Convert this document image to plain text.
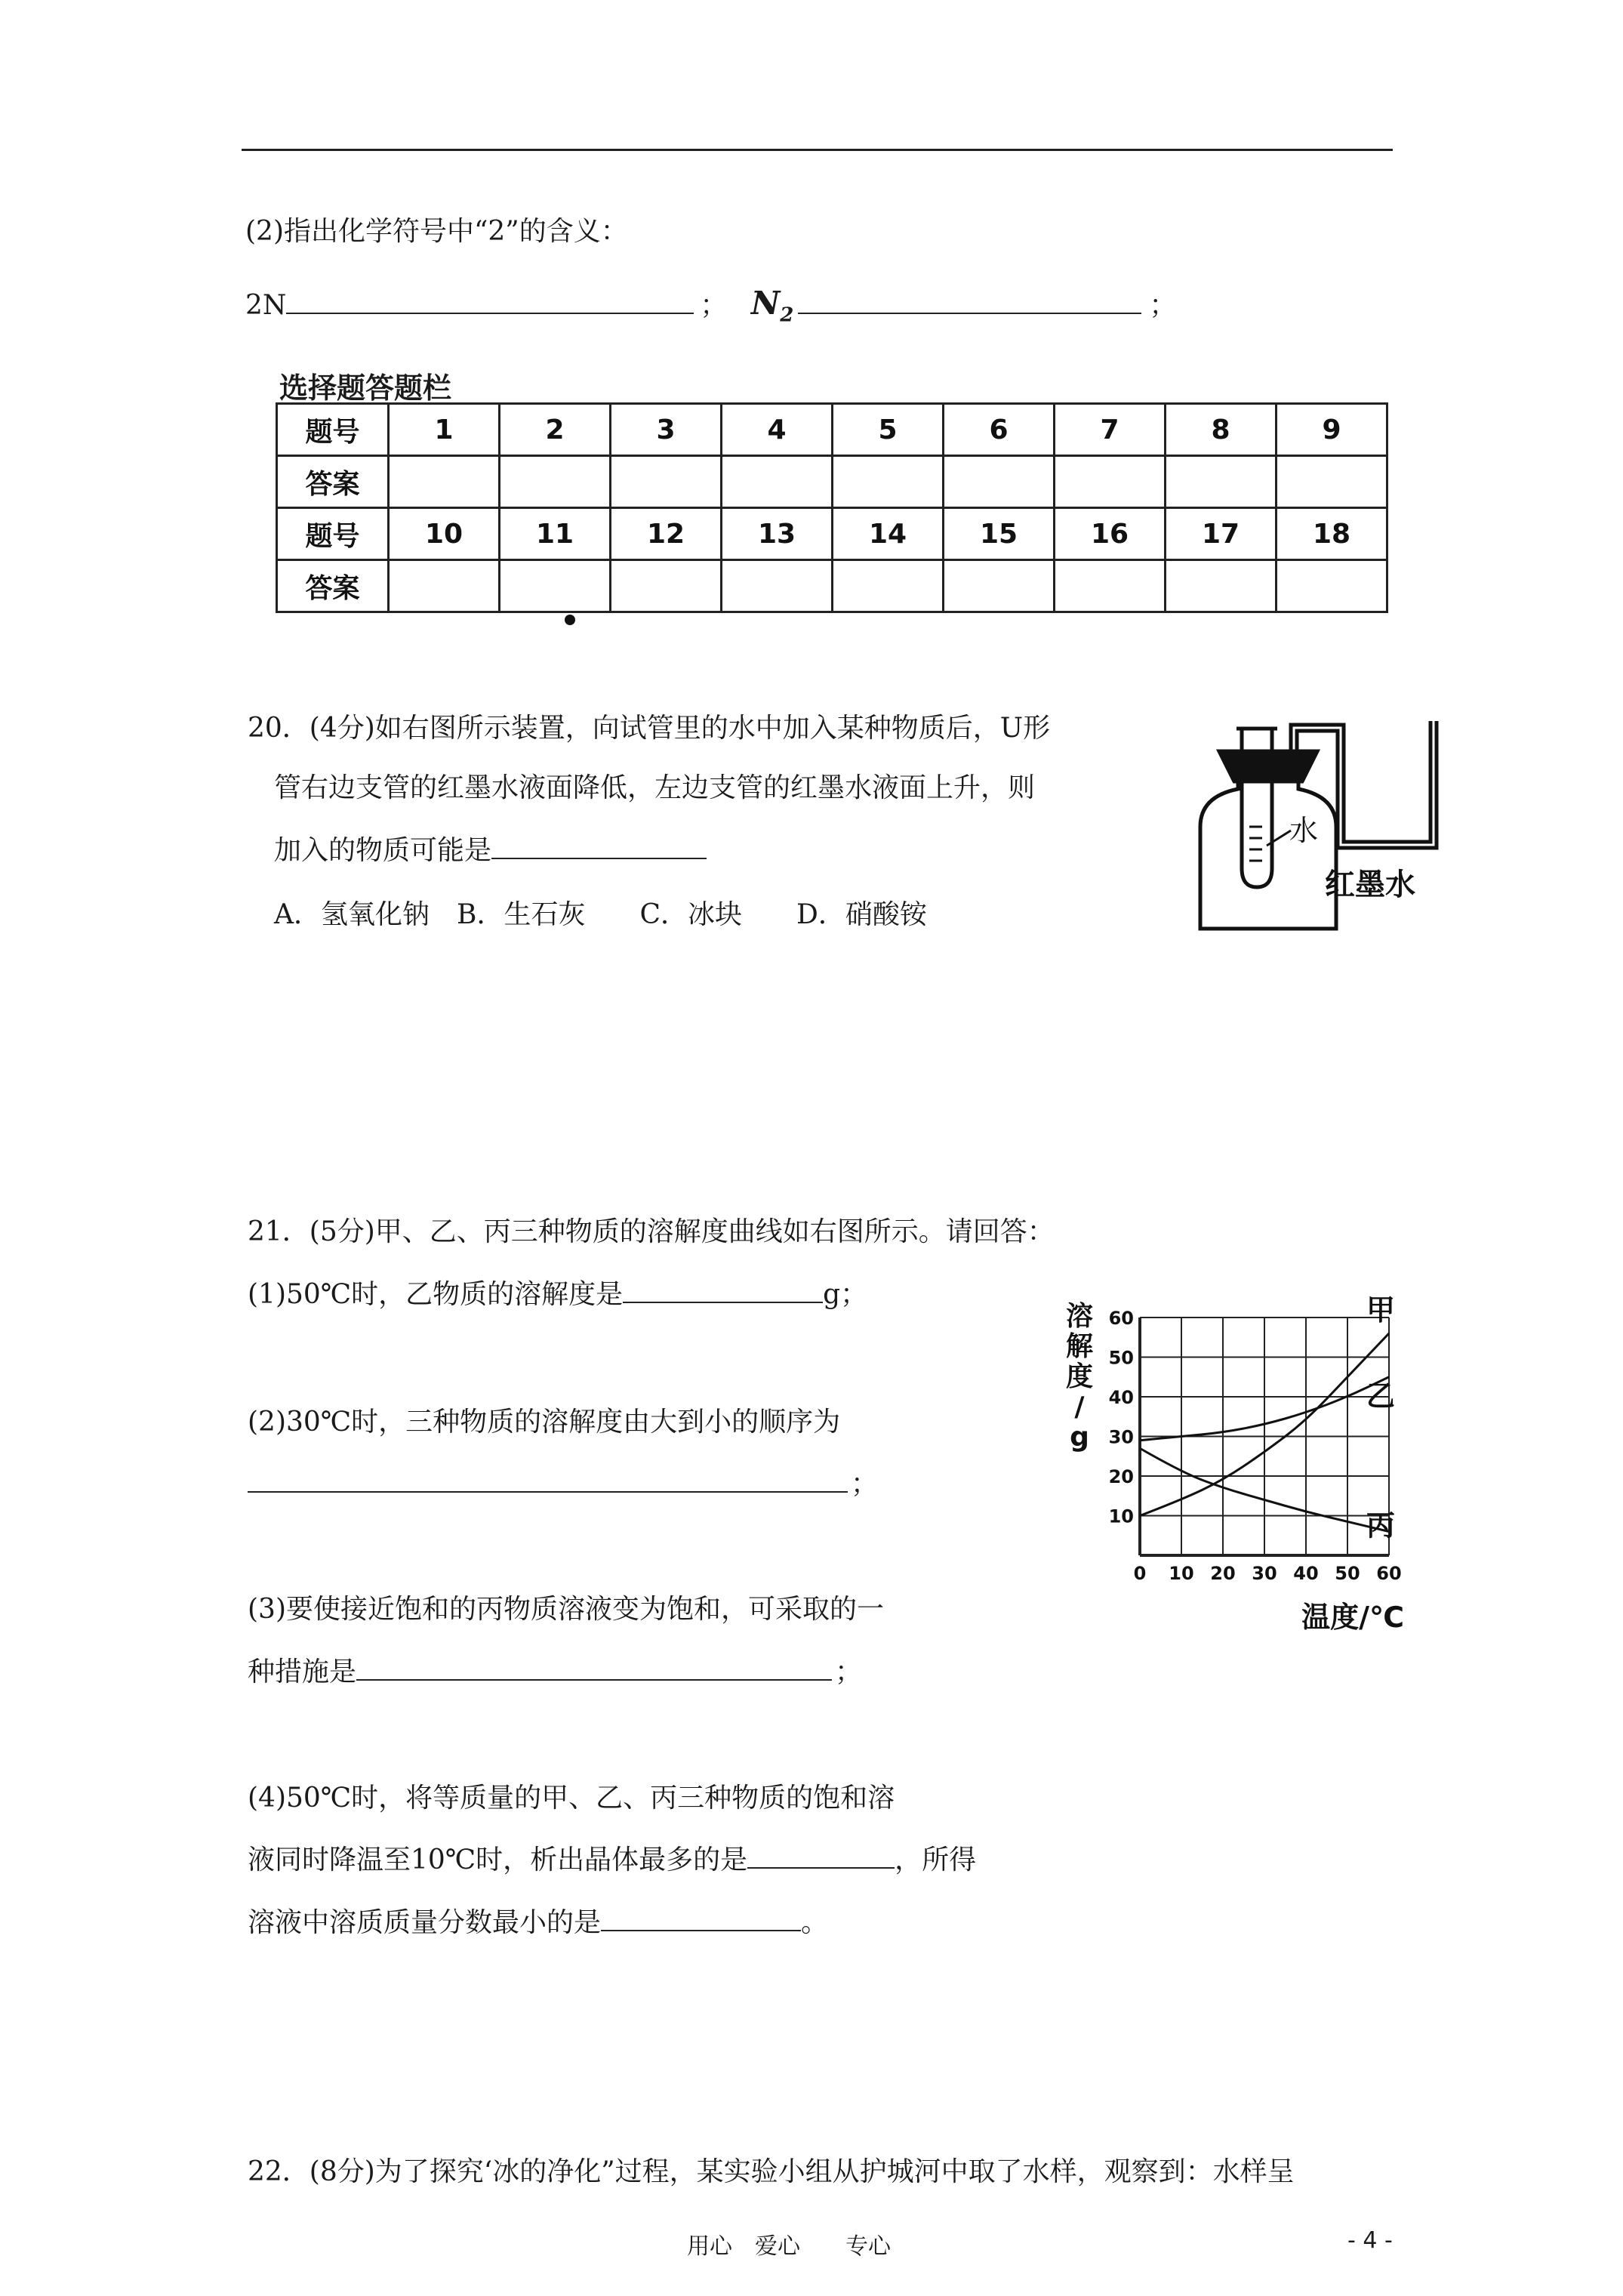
(2)指出化学符号中“2”的含义：
2N	； $N_2$	；
选择题答题栏
题号	1	2	3	4	5	6	7	8	9
答案									
题号	10	11	12	13	14	15	16	17	18
答案									
20．(4分)如右图所示装置，向试管里的水中加入某种物质后，U形
管右边支管的红墨水液面降低，左边支管的红墨水液面上升，则
加入的物质可能是
A．氢氧化钠　B．生石灰　　C．冰块　　D．硝酸铵
水
红墨水
21．(5分)甲、乙、丙三种物质的溶解度曲线如右图所示。请回答：
(1)50℃时，乙物质的溶解度是	g；
(2)30℃时，三种物质的溶解度由大到小的顺序为
；
(3)要使接近饱和的丙物质溶液变为饱和，可采取的一
种措施是	；
(4)50℃时，将等质量的甲、乙、丙三种物质的饱和溶
液同时降温至10℃时，析出晶体最多的是	，所得
溶液中溶质质量分数最小的是	。
甲
乙
丙
0 10 20 30 40 50 60
10
20
30
40
50
60
溶
解
度
/
g
温度/℃
22．(8分)为了探究‘冰的净化”过程，某实验小组从护城河中取了水样，观察到：水样呈
用心　爱心　　专心	- 4 -
